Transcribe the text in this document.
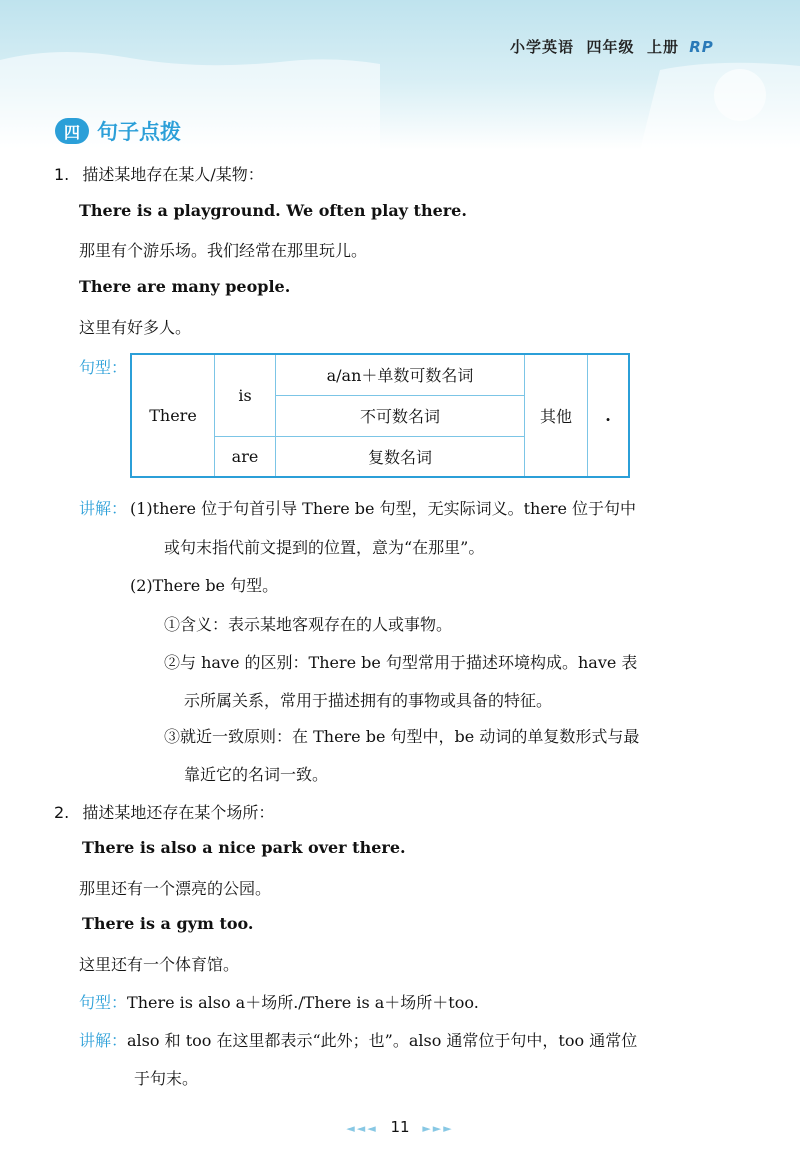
小学英语 四年级 上册 RP
四 句子点拨
1. 描述某地存在某人/某物：
There is a playground. We often play there.
那里有个游乐场。我们经常在那里玩儿。
There are many people.
这里有好多人。
句型：
There	is	a/an＋单数可数名词	其他	.
		不可数名词		
	are	复数名词		
讲解： (1)there 位于句首引导 There be 句型，无实际词义。there 位于句中
或句末指代前文提到的位置，意为“在那里”。
(2)There be 句型。
①含义：表示某地客观存在的人或事物。
②与 have 的区别：There be 句型常用于描述环境构成。have 表
示所属关系，常用于描述拥有的事物或具备的特征。
③就近一致原则：在 There be 句型中，be 动词的单复数形式与最
靠近它的名词一致。
2. 描述某地还存在某个场所：
There is also a nice park over there.
那里还有一个漂亮的公园。
There is a gym too.
这里还有一个体育馆。
句型：There is also a＋场所./There is a＋场所＋too.
讲解：also 和 too 在这里都表示“此外；也”。also 通常位于句中，too 通常位
于句末。
◄◄◄ 11 ►►►
